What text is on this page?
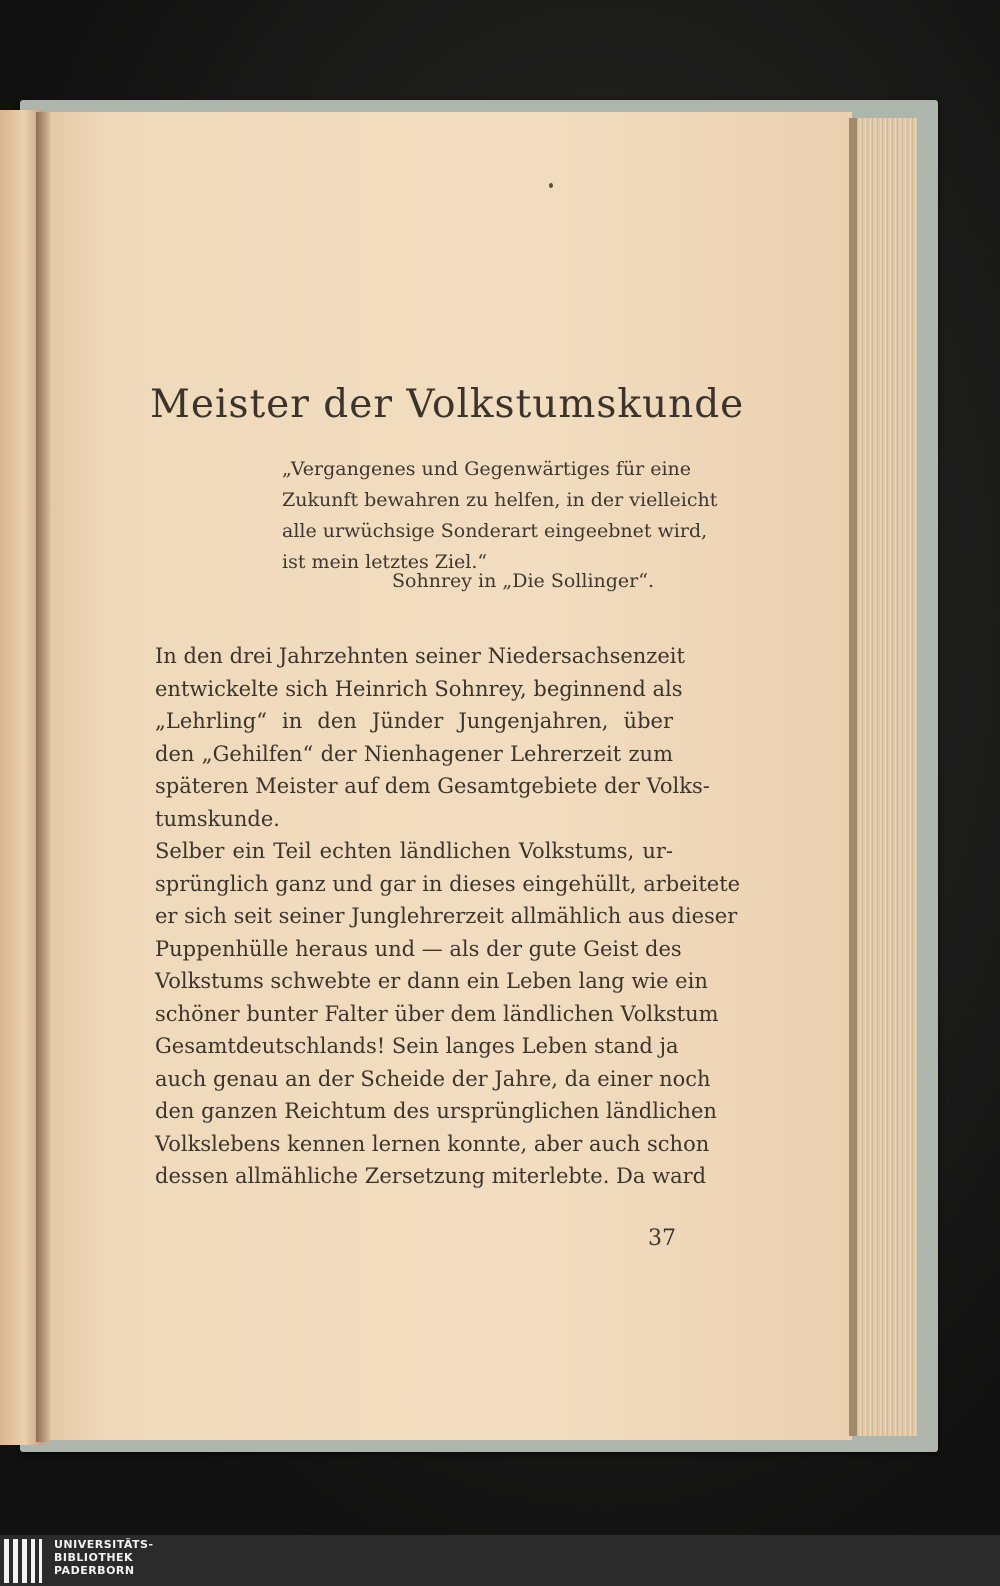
Meister der Volkstumskunde
„Vergangenes und Gegenwärtiges für eine
Zukunft bewahren zu helfen, in der vielleicht
alle urwüchsige Sonderart eingeebnet wird,
ist mein letztes Ziel.“
Sohnrey in „Die Sollinger“.
In den drei Jahrzehnten seiner Niedersachsenzeit
entwickelte sich Heinrich Sohnrey, beginnend als
„Lehrling“ in den Jünder Jungenjahren, über
den „Gehilfen“ der Nienhagener Lehrerzeit zum
späteren Meister auf dem Gesamtgebiete der Volks-
tumskunde.
Selber ein Teil echten ländlichen Volkstums, ur-
sprünglich ganz und gar in dieses eingehüllt, arbeitete
er sich seit seiner Junglehrerzeit allmählich aus dieser
Puppenhülle heraus und — als der gute Geist des
Volkstums schwebte er dann ein Leben lang wie ein
schöner bunter Falter über dem ländlichen Volkstum
Gesamtdeutschlands! Sein langes Leben stand ja
auch genau an der Scheide der Jahre, da einer noch
den ganzen Reichtum des ursprünglichen ländlichen
Volkslebens kennen lernen konnte, aber auch schon
dessen allmähliche Zersetzung miterlebte. Da ward
37
UNIVERSITÄTS-
BIBLIOTHEK
PADERBORN
